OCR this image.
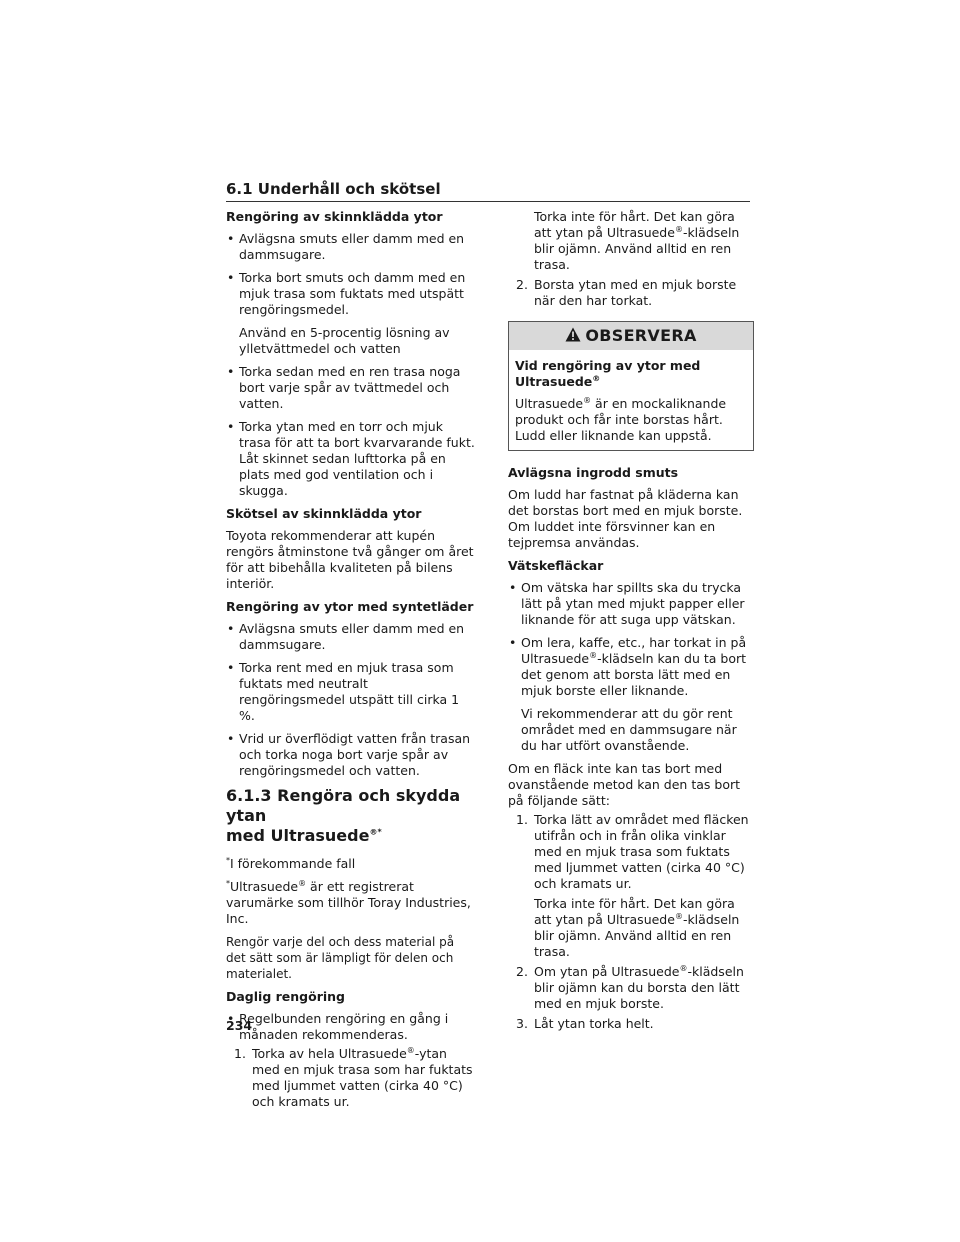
6.1 Underhåll och skötsel
Rengöring av skinnklädda ytor
• Avlägsna smuts eller damm med en dammsugare.
• Torka bort smuts och damm med en mjuk trasa som fuktats med utspätt rengöringsmedel.
Använd en 5-procentig lösning av ylletvättmedel och vatten
• Torka sedan med en ren trasa noga bort varje spår av tvättmedel och vatten.
• Torka ytan med en torr och mjuk trasa för att ta bort kvarvarande fukt. Låt skinnet sedan lufttorka på en plats med god ventilation och i skugga.
Skötsel av skinnklädda ytor

Toyota rekommenderar att kupén rengörs åtminstone två gånger om året för att bibehålla kvaliteten på bilens interiör.

Rengöring av ytor med syntetläder
• Avlägsna smuts eller damm med en dammsugare.
• Torka rent med en mjuk trasa som fuktats med neutralt rengöringsmedel utspätt till cirka 1 %.
• Vrid ur överflödigt vatten från trasan och torka noga bort varje spår av rengöringsmedel och vatten.
6.1.3 Rengöra och skydda ytan
med Ultrasuede®*

*I förekommande fall

*Ultrasuede® är ett registrerat varumärke som tillhör Toray Industries, Inc.

Rengör varje del och dess material på det sätt som är lämpligt för delen och materialet.

Daglig rengöring
• Regelbunden rengöring en gång i månaden rekommenderas.
1. Torka av hela Ultrasuede®-ytan med en mjuk trasa som har fuktats med ljummet vatten (cirka 40 °C) och kramats ur.
Torka inte för hårt. Det kan göra att ytan på Ultrasuede®-klädseln blir ojämn. Använd alltid en ren trasa.
2. Borsta ytan med en mjuk borste när den har torkat.
OBSERVERA
Vid rengöring av ytor med Ultrasuede®

Ultrasuede® är en mockaliknande produkt och får inte borstas hårt. Ludd eller liknande kan uppstå.

Avlägsna ingrodd smuts

Om ludd har fastnat på kläderna kan det borstas bort med en mjuk borste. Om luddet inte försvinner kan en tejpremsa användas.

Vätskefläckar
• Om vätska har spillts ska du trycka lätt på ytan med mjukt papper eller liknande för att suga upp vätskan.
• Om lera, kaffe, etc., har torkat in på Ultrasuede®-klädseln kan du ta bort det genom att borsta lätt med en mjuk borste eller liknande.
Vi rekommenderar att du gör rent området med en dammsugare när du har utfört ovanstående.

Om en fläck inte kan tas bort med ovanstående metod kan den tas bort på följande sätt:

1. Torka lätt av området med fläcken utifrån och in från olika vinklar med en mjuk trasa som fuktats med ljummet vatten (cirka 40 °C) och kramats ur.
Torka inte för hårt. Det kan göra att ytan på Ultrasuede®-klädseln blir ojämn. Använd alltid en ren trasa.
2. Om ytan på Ultrasuede®-klädseln blir ojämn kan du borsta den lätt med en mjuk borste.
3. Låt ytan torka helt.
234
